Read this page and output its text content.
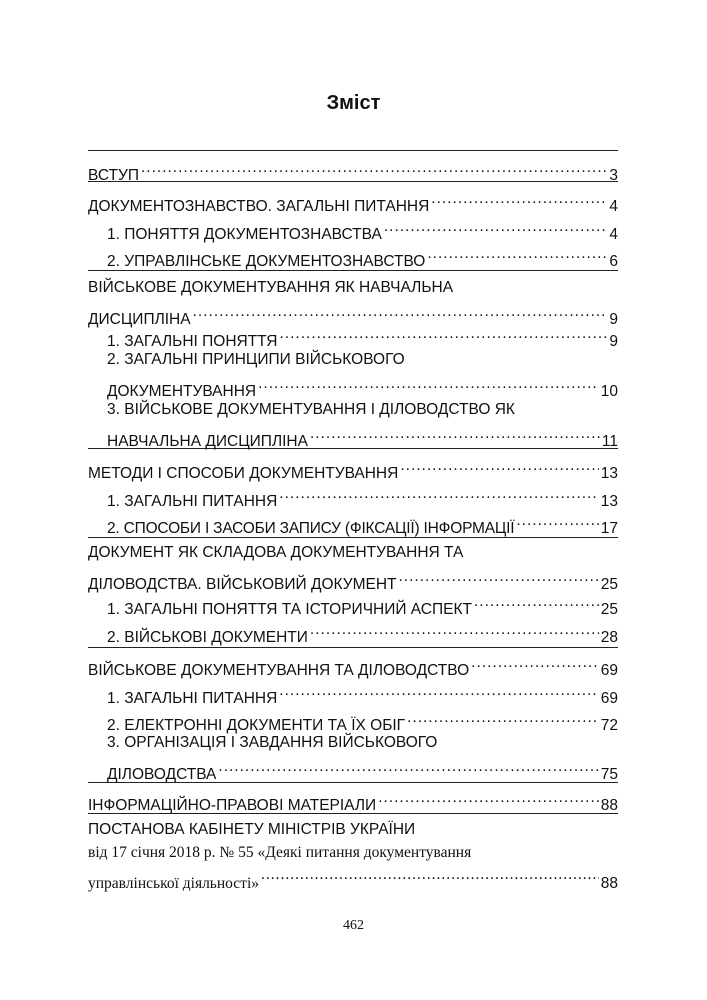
Зміст
ВСТУП .....	3
ДОКУМЕНТОЗНАВСТВО. ЗАГАЛЬНІ ПИТАННЯ .....	4
1. ПОНЯТТЯ ДОКУМЕНТОЗНАВСТВА .....	4
2. УПРАВЛІНСЬКЕ ДОКУМЕНТОЗНАВСТВО .....	6
ВІЙСЬКОВЕ ДОКУМЕНТУВАННЯ ЯК НАВЧАЛЬНА
ДИСЦИПЛІНА .....	9
1. ЗАГАЛЬНІ ПОНЯТТЯ .....	9
2. ЗАГАЛЬНІ ПРИНЦИПИ ВІЙСЬКОВОГО
ДОКУМЕНТУВАННЯ .....	10
3. ВІЙСЬКОВЕ ДОКУМЕНТУВАННЯ І ДІЛОВОДСТВО ЯК
НАВЧАЛЬНА ДИСЦИПЛІНА .....	11
МЕТОДИ І СПОСОБИ ДОКУМЕНТУВАННЯ .....	13
1. ЗАГАЛЬНІ ПИТАННЯ .....	13
2. СПОСОБИ І ЗАСОБИ ЗАПИСУ (ФІКСАЦІЇ) ІНФОРМАЦІЇ .....	17
ДОКУМЕНТ ЯК СКЛАДОВА ДОКУМЕНТУВАННЯ ТА
ДІЛОВОДСТВА. ВІЙСЬКОВИЙ ДОКУМЕНТ .....	25
1. ЗАГАЛЬНІ ПОНЯТТЯ ТА ІСТОРИЧНИЙ АСПЕКТ .....	25
2. ВІЙСЬКОВІ ДОКУМЕНТИ .....	28
ВІЙСЬКОВЕ ДОКУМЕНТУВАННЯ ТА ДІЛОВОДСТВО .....	69
1. ЗАГАЛЬНІ ПИТАННЯ .....	69
2. ЕЛЕКТРОННІ ДОКУМЕНТИ ТА ЇХ ОБІГ .....	72
3. ОРГАНІЗАЦІЯ І ЗАВДАННЯ ВІЙСЬКОВОГО
ДІЛОВОДСТВА .....	75
ІНФОРМАЦІЙНО-ПРАВОВІ МАТЕРІАЛИ .....	88
ПОСТАНОВА КАБІНЕТУ МІНІСТРІВ УКРАЇНИ
від 17 січня 2018 р. № 55 «Деякі питання документування
управлінської діяльності» .....	88
462
